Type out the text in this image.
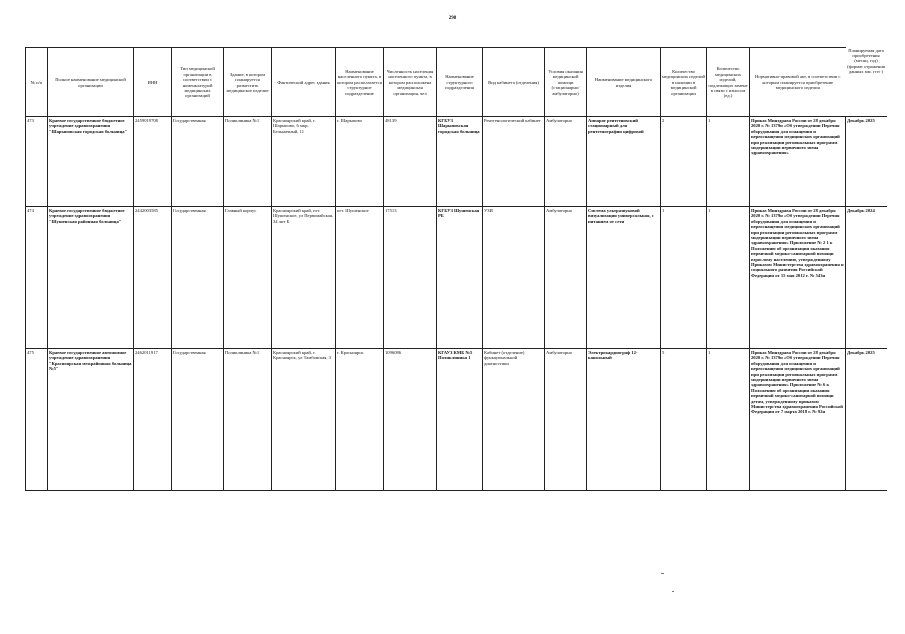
298
№ п/п	Полное наименование медицинской организации	ИНН	Тип медицинской организации в соответствии с номенклатурой медицинских организаций	Здание, в котором планируется разместить медицинское изделие	Фактический адрес здания	Наименование населенного пункта, в котором располагается структурное подразделение	Численность населения населенного пункта, в котором расположена медицинская организация, чел	Наименование структурного подразделения	Вид кабинета (отделения)	Условия оказания медицинской помощи (стационарно/амбулаторно)	Наименование медицинского изделия	Количество медицинских изделий в наличии в медицинской организации	Количество медицинских изделий, подлежащих замене в связи с износом (ед.)	Нормативно-правовой акт, в соответствии с которым планируется приобретение медицинского изделия	Планируемая дата приобретения (месяц, год) (формат отражения данных мм. гггг )
473	Краевое государственное бюджетное учреждение здравоохранения "Шарыповская городская больница"	2459019708	Государственная	Поликлиника №1	Красноярский край, г. Шарыпово, 6 мкр, Бельничный, 11	г. Шарыпово	48139	КГБУЗ Шарыповская городская больница	Рентгенологический кабинет	Амбулаторно	Аппарат рентгеновский стационарный для рентгенографии цифровой	2	1	Приказ Минздрава России от 28 декабря 2020 г. № 1379н «Об утверждении Перечня оборудования для оснащения и переоснащения медицинских организаций при реализации региональных программ модернизации первичного звена здравоохранения»	Декабрь 2025
474	Краевое государственное бюджетное учреждение здравоохранения "Шушенская районная больница"	2442003585	Государственная	Главный корпус	Красноярский край, пгт. Шушенское, ул Первомайская, 34 лит Б	пгт. Шушенское	17513	КГБУЗ Шушенская РБ	УЗИ	Амбулаторно	Система ультразвуковой визуализации универсальная, с питанием от сети	1	1	Приказ Минздрава России от 28 декабря 2020 г. № 1379н «Об утверждении Перечня оборудования для оснащения и переоснащения медицинских организаций при реализации региональных программ модернизации первичного звена здравоохранения» Приложение № 2 1 к Положению об организации оказания первичной медико-санитарной помощи взрослому населению, утвержденному Приказом Министерства здравоохранения и социального развития Российской Федерации от 15 мая 2012 г. № 543н	Декабрь 2024
475	Краевое государственное автономное учреждение здравоохранения "Красноярская межрайонная больница №5"	2462011917	Государственная	Поликлиника №1	Красноярский край, г. Красноярск, ул Тамбовская, 3	г. Красноярск	1096086	КГАУЗ КМБ №5 Поликлиника 1	Кабинет (отделение) функциональной диагностики	Амбулаторно	Электрокардиограф 12-канальный	5	1	Приказ Минздрава России от 28 декабря 2020 г. № 1379н «Об утверждении Перечня оборудования для оснащения и переоснащения медицинских организаций при реализации региональных программ модернизации первичного звена здравоохранения» Приложение № 6 к Положению об организации оказания первичной медико-санитарной помощи детям, утвержденному приказом Министерства здравоохранения Российской Федерации от 7 марта 2018 г. № 92н	Декабрь 2025
